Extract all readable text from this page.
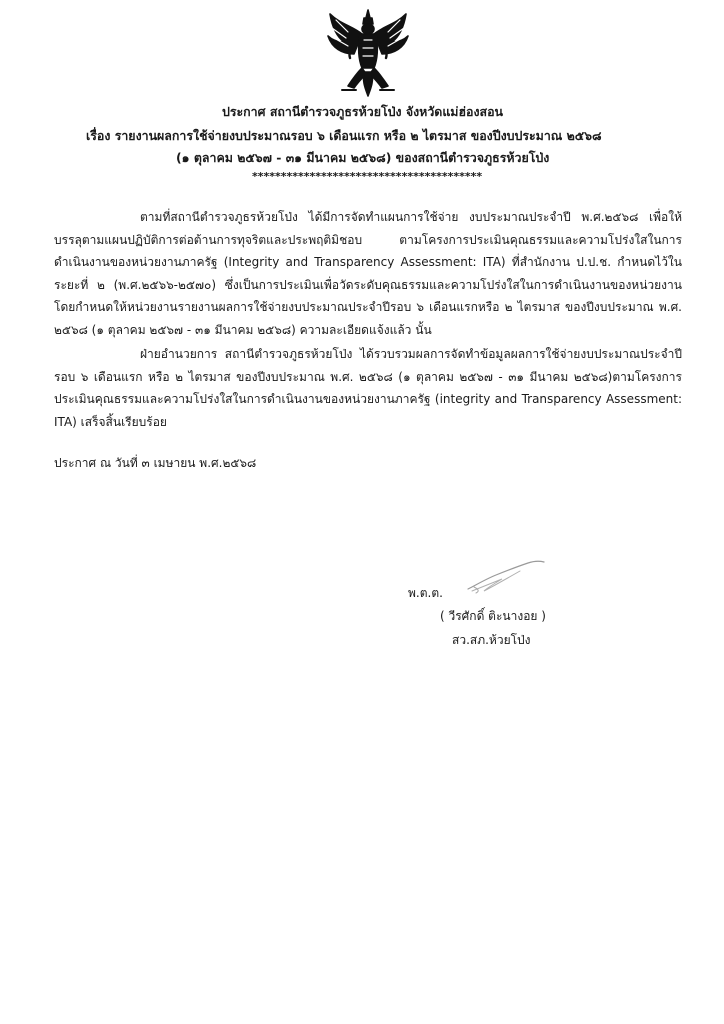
ประกาศ สถานีตำรวจภูธรห้วยโป่ง จังหวัดแม่ฮ่องสอน
เรื่อง รายงานผลการใช้จ่ายงบประมาณรอบ ๖ เดือนแรก หรือ ๒ ไตรมาส ของปีงบประมาณ ๒๕๖๘
(๑ ตุลาคม ๒๕๖๗ - ๓๑ มีนาคม ๒๕๖๘) ของสถานีตำรวจภูธรห้วยโป่ง
****************************************
ตามที่สถานีตำรวจภูธรห้วยโป่ง ได้มีการจัดทำแผนการใช้จ่าย งบประมาณประจำปี พ.ศ.๒๕๖๘ เพื่อให้บรรลุตามแผนปฏิบัติการต่อต้านการทุจริตและประพฤติมิชอบ ตามโครงการประเมินคุณธรรมและความโปร่งใสในการดำเนินงานของหน่วยงานภาครัฐ (Integrity and Transparency Assessment: ITA) ที่สำนักงาน ป.ป.ช. กำหนดไว้ใน ระยะที่ ๒ (พ.ศ.๒๕๖๖-๒๕๗๐) ซึ่งเป็นการประเมินเพื่อวัดระดับคุณธรรมและความโปร่งใสในการดำเนินงานของหน่วยงาน โดยกำหนดให้หน่วยงานรายงานผลการใช้จ่ายงบประมาณประจำปีรอบ ๖ เดือนแรกหรือ ๒ ไตรมาส ของปีงบประมาณ พ.ศ. ๒๕๖๘ (๑ ตุลาคม ๒๕๖๗ - ๓๑ มีนาคม ๒๕๖๘) ความละเอียดแจ้งแล้ว นั้น
ฝ่ายอำนวยการ สถานีตำรวจภูธรห้วยโป่ง ได้รวบรวมผลการจัดทำข้อมูลผลการใช้จ่ายงบประมาณประจำปีรอบ ๖ เดือนแรก หรือ ๒ ไตรมาส ของปีงบประมาณ พ.ศ. ๒๕๖๘ (๑ ตุลาคม ๒๕๖๗ - ๓๑ มีนาคม ๒๕๖๘)ตามโครงการประเมินคุณธรรมและความโปร่งใสในการดำเนินงานของหน่วยงานภาครัฐ (integrity and Transparency Assessment: ITA) เสร็จสิ้นเรียบร้อย
ประกาศ ณ วันที่ ๓ เมษายน พ.ศ.๒๕๖๘
พ.ต.ต.
( วีรศักดิ์ ติะนางอย )
สว.สภ.ห้วยโป่ง
